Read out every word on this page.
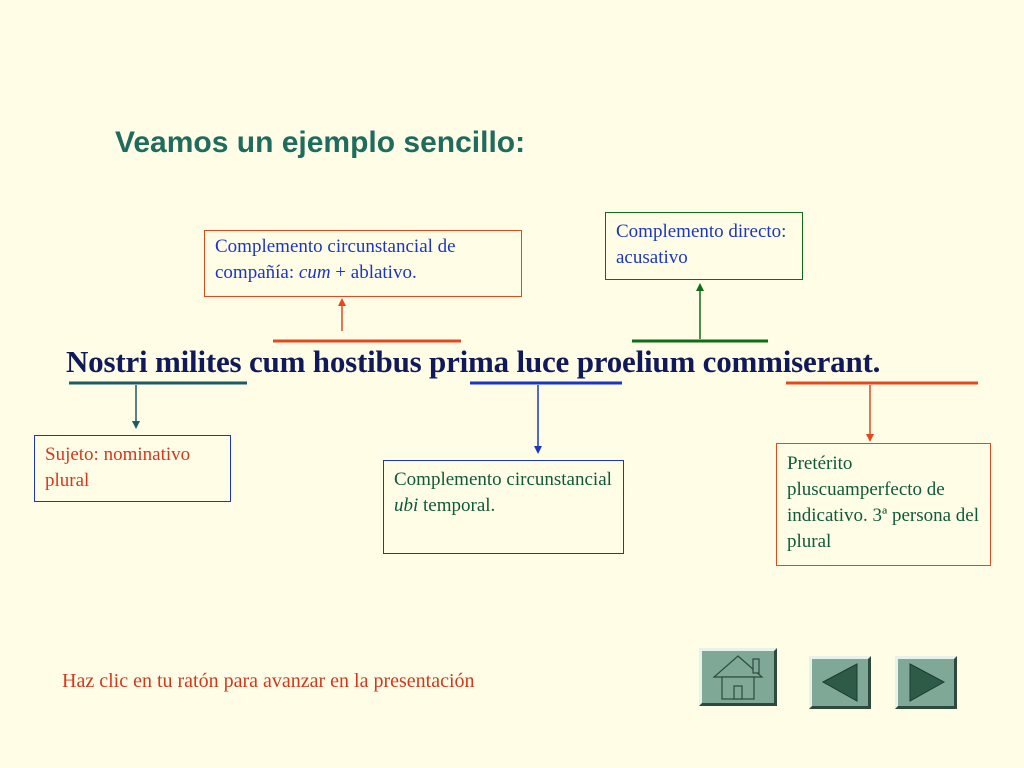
Veamos un ejemplo sencillo:
Nostri milites cum hostibus prima luce proelium commiserant.
Complemento circunstancial de compañía: cum + ablativo.
Complemento directo: acusativo
Sujeto: nominativo plural	Complemento circunstancial ubi temporal.
Pretérito pluscuamperfecto de indicativo. 3ª persona del plural
Haz clic en tu ratón para avanzar en la presentación
